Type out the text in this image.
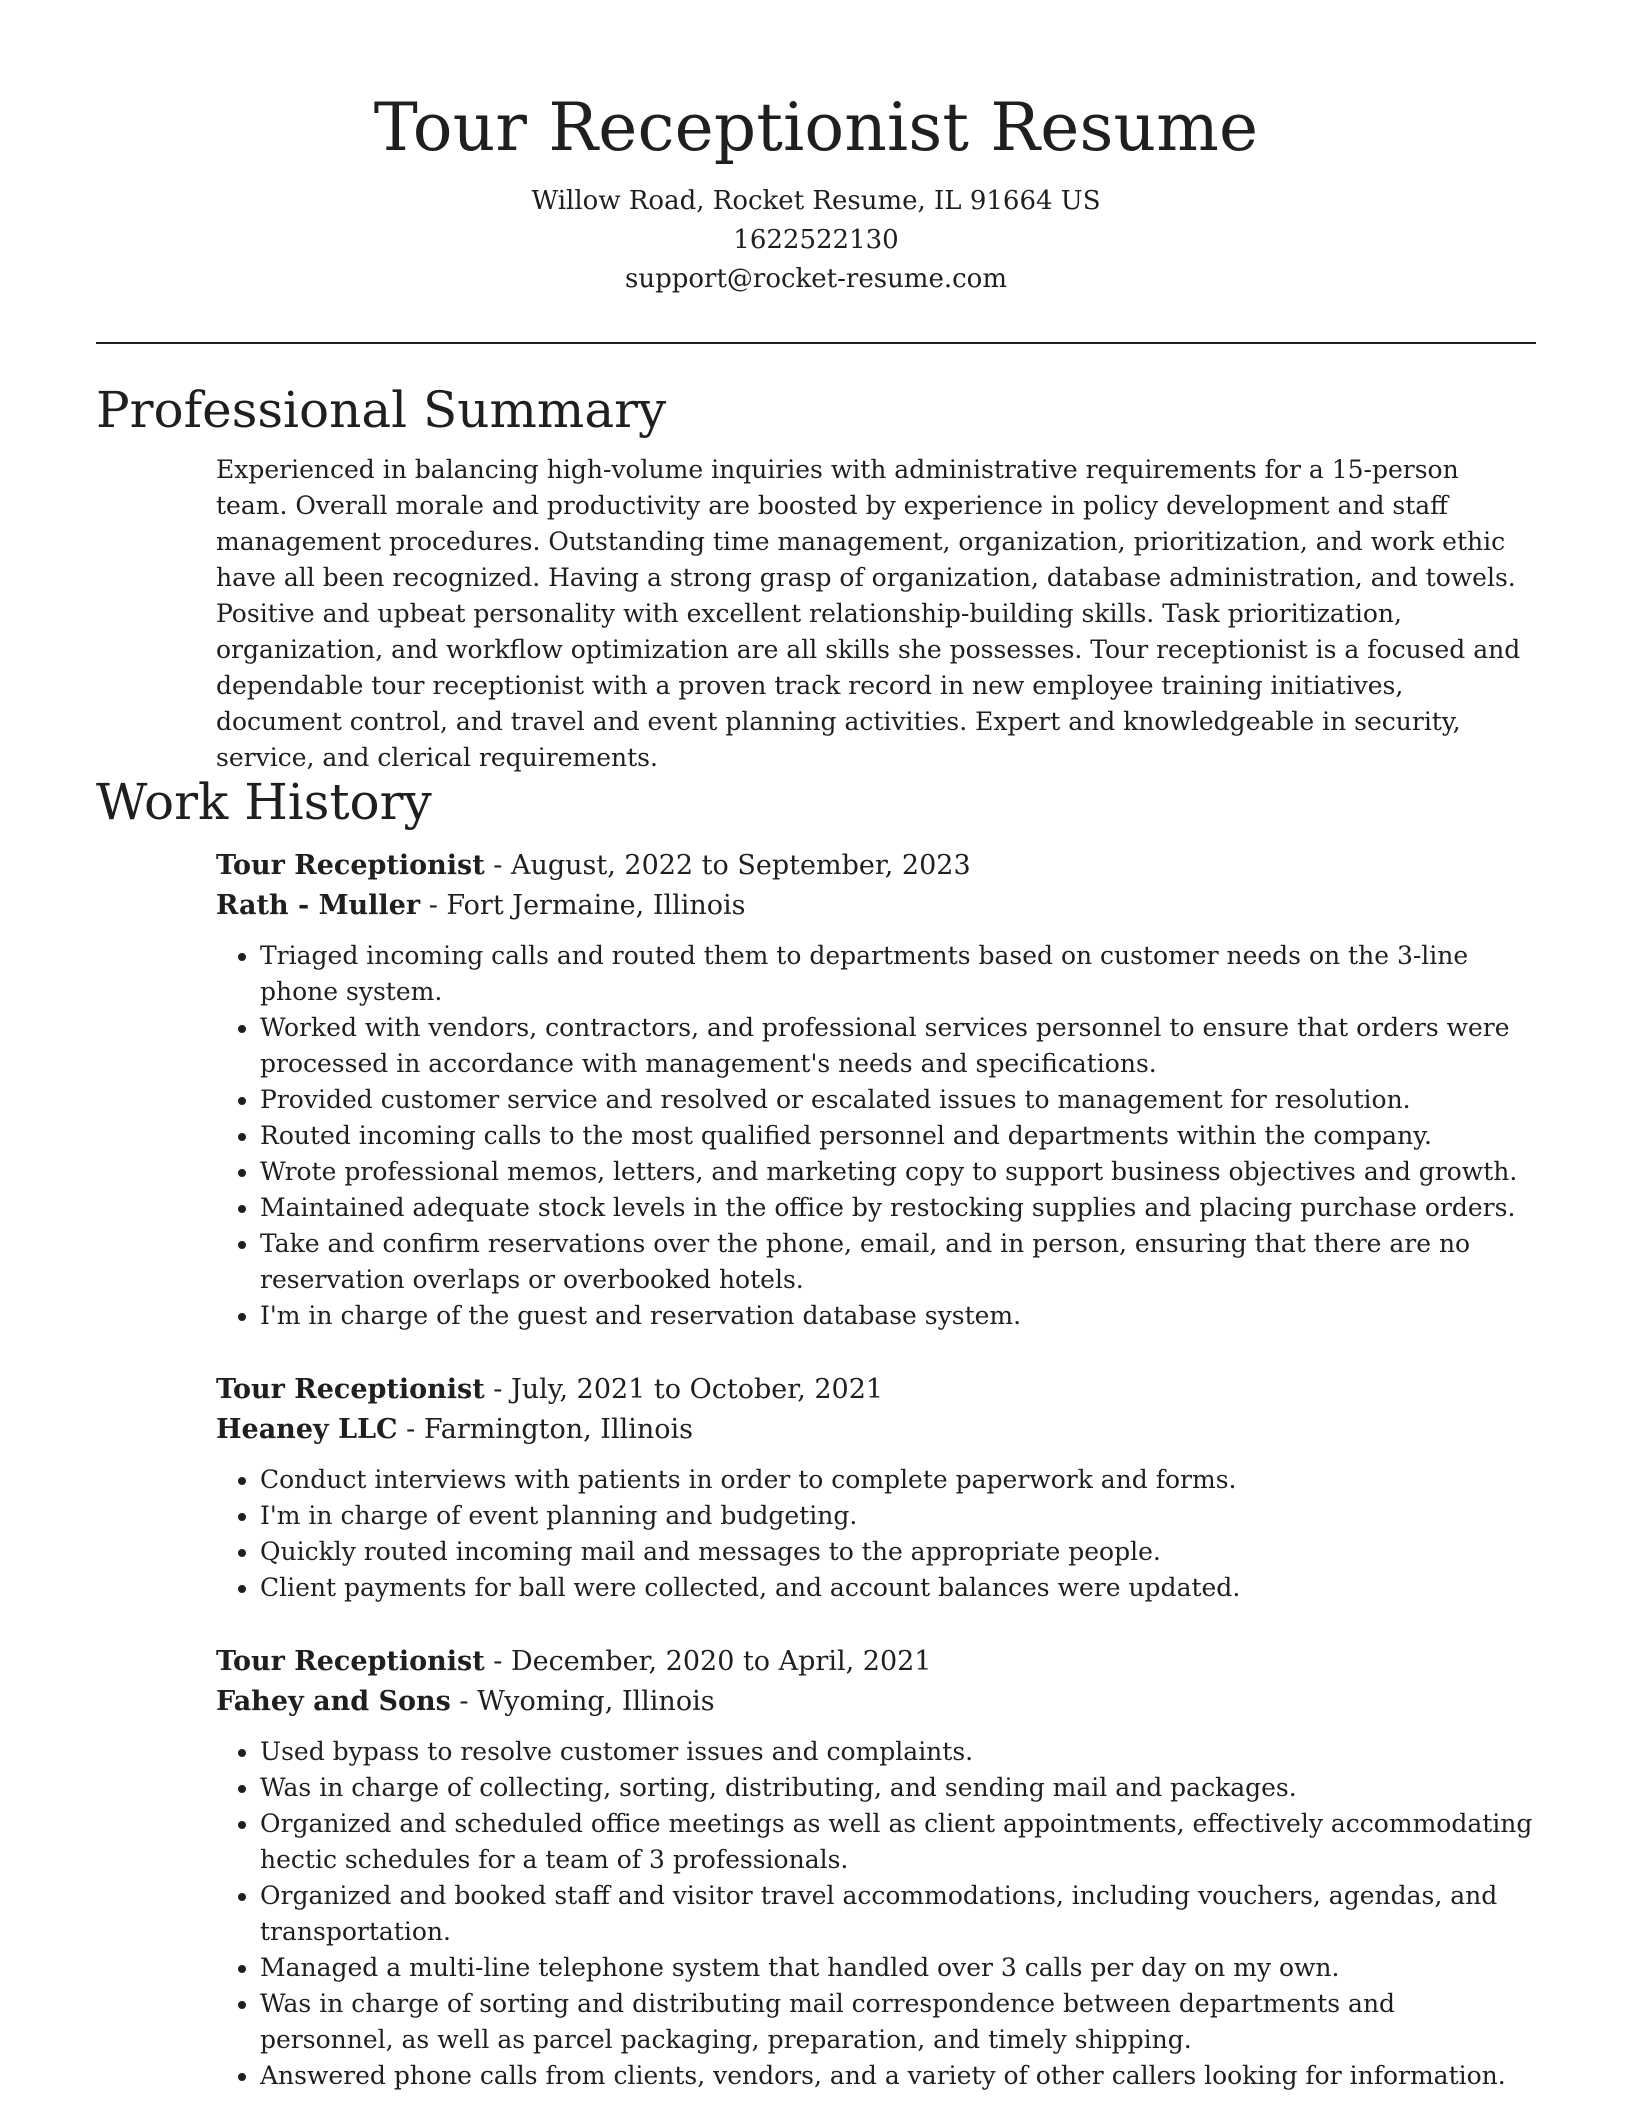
Tour Receptionist Resume
Willow Road, Rocket Resume, IL 91664 US
1622522130
support@rocket-resume.com
Professional Summary
Experienced in balancing high-volume inquiries with administrative requirements for a 15-person team. Overall morale and productivity are boosted by experience in policy development and staff management procedures. Outstanding time management, organization, prioritization, and work ethic have all been recognized. Having a strong grasp of organization, database administration, and towels. Positive and upbeat personality with excellent relationship-building skills. Task prioritization, organization, and workflow optimization are all skills she possesses. Tour receptionist is a focused and dependable tour receptionist with a proven track record in new employee training initiatives, document control, and travel and event planning activities. Expert and knowledgeable in security, service, and clerical requirements.
Work History
Tour Receptionist - August, 2022 to September, 2023
Rath - Muller - Fort Jermaine, Illinois
• Triaged incoming calls and routed them to departments based on customer needs on the 3-line phone system.
• Worked with vendors, contractors, and professional services personnel to ensure that orders were processed in accordance with management's needs and specifications.
• Provided customer service and resolved or escalated issues to management for resolution.
• Routed incoming calls to the most qualified personnel and departments within the company.
• Wrote professional memos, letters, and marketing copy to support business objectives and growth.
• Maintained adequate stock levels in the office by restocking supplies and placing purchase orders.
• Take and confirm reservations over the phone, email, and in person, ensuring that there are no reservation overlaps or overbooked hotels.
• I'm in charge of the guest and reservation database system.
Tour Receptionist - July, 2021 to October, 2021
Heaney LLC - Farmington, Illinois
• Conduct interviews with patients in order to complete paperwork and forms.
• I'm in charge of event planning and budgeting.
• Quickly routed incoming mail and messages to the appropriate people.
• Client payments for ball were collected, and account balances were updated.
Tour Receptionist - December, 2020 to April, 2021
Fahey and Sons - Wyoming, Illinois
• Used bypass to resolve customer issues and complaints.
• Was in charge of collecting, sorting, distributing, and sending mail and packages.
• Organized and scheduled office meetings as well as client appointments, effectively accommodating hectic schedules for a team of 3 professionals.
• Organized and booked staff and visitor travel accommodations, including vouchers, agendas, and transportation.
• Managed a multi-line telephone system that handled over 3 calls per day on my own.
• Was in charge of sorting and distributing mail correspondence between departments and personnel, as well as parcel packaging, preparation, and timely shipping.
• Answered phone calls from clients, vendors, and a variety of other callers looking for information.
